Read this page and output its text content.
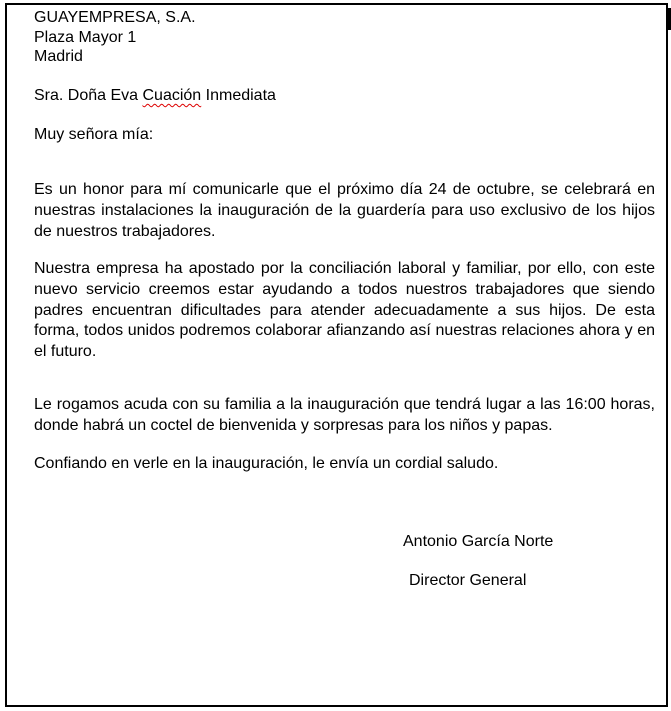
GUAYEMPRESA, S.A.
Plaza Mayor 1
Madrid
Sra. Doña Eva Cuación Inmediata
Muy señora mía:
Es un honor para mí comunicarle que el próximo día 24 de octubre, se celebrará en nuestras instalaciones la inauguración de la guardería para uso exclusivo de los hijos de nuestros trabajadores.
Nuestra empresa ha apostado por la conciliación laboral y familiar, por ello, con este nuevo servicio creemos estar ayudando a todos nuestros trabajadores que siendo padres encuentran dificultades para atender adecuadamente a sus hijos. De esta forma, todos unidos podremos colaborar afianzando así nuestras relaciones ahora y en el futuro.
Le rogamos acuda con su familia a la inauguración que tendrá lugar a las 16:00 horas, donde habrá un coctel de bienvenida y sorpresas para los niños y papas.
Confiando en verle en la inauguración, le envía un cordial saludo.
Antonio García Norte
Director General
